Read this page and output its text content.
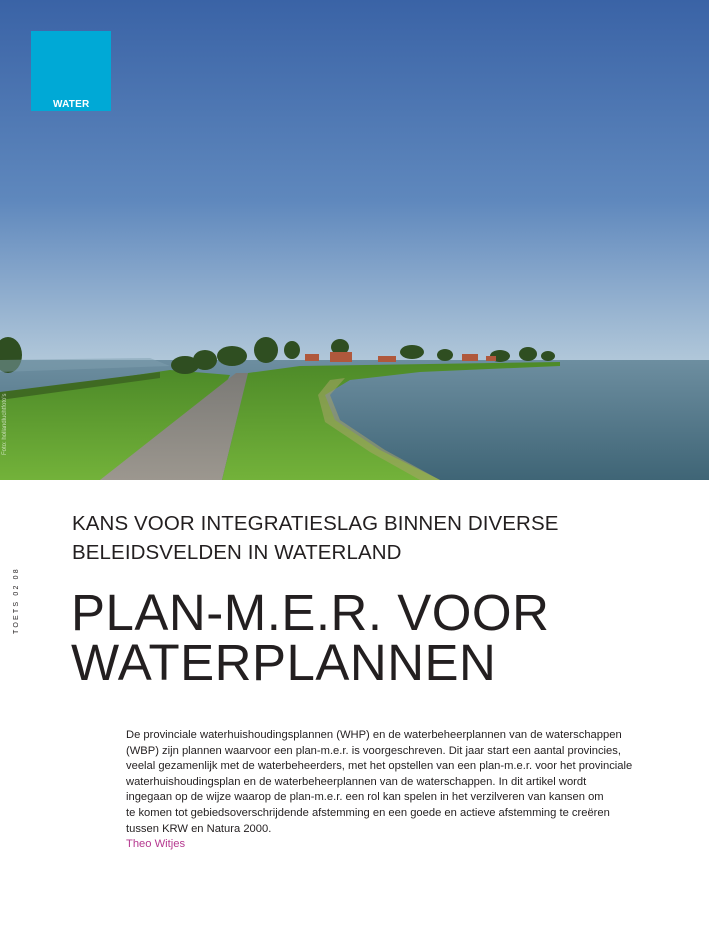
WATER
Foto: hollandluchtfoto's
TOETS 02 08
KANS VOOR INTEGRATIESLAG BINNEN DIVERSE
BELEIDSVELDEN IN WATERLAND
PLAN-M.E.R. VOOR
WATERPLANNEN
De provinciale waterhuishoudingsplannen (WHP) en de waterbeheerplannen van de waterschappen
(WBP) zijn plannen waarvoor een plan-m.e.r. is voorgeschreven. Dit jaar start een aantal provincies,
veelal gezamenlijk met de waterbeheerders, met het opstellen van een plan-m.e.r. voor het provinciale
waterhuishoudingsplan en de waterbeheerplannen van de waterschappen. In dit artikel wordt
ingegaan op de wijze waarop de plan-m.e.r. een rol kan spelen in het verzilveren van kansen om
te komen tot gebiedsoverschrijdende afstemming en een goede en actieve afstemming te creëren
tussen KRW en Natura 2000.
Theo Witjes
